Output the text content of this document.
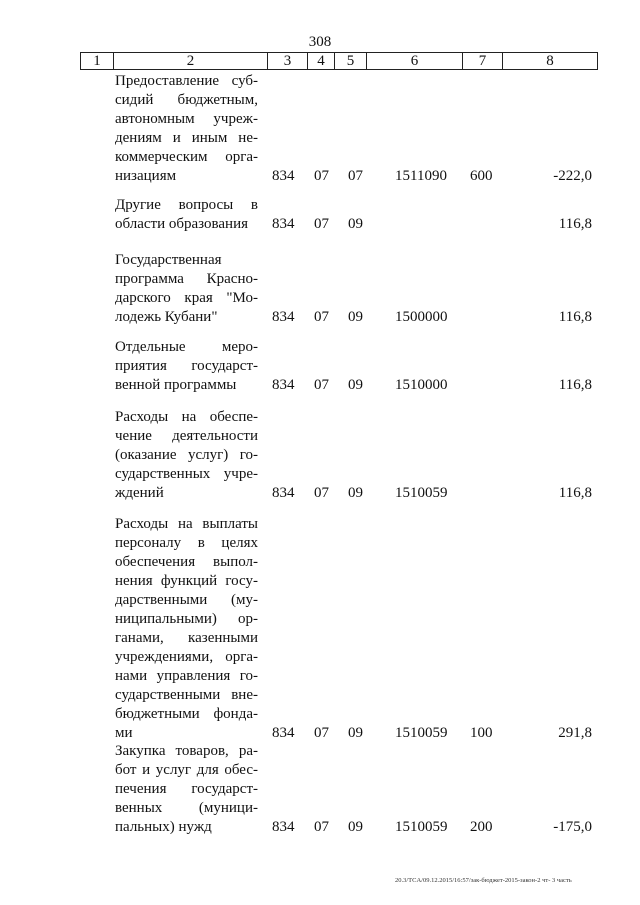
308
1	2	3	4	5	6	7	8
Предоставление суб-
сидий бюджетным,
автономным учреж-
дениям и иным не-
коммерческим орга-
низациям	834 07 07 1511090 600	-222,0
Другие вопросы в
области образования	834 07 09	116,8
Государственная
программа Красно-
дарского края "Мо-
лодежь Кубани"	834 07 09 1500000	116,8
Отдельные меро-
приятия государст-
венной программы	834 07 09 1510000	116,8
Расходы на обеспе-
чение деятельности
(оказание услуг) го-
сударственных учре-
ждений	834 07 09 1510059	116,8
Расходы на выплаты
персоналу в целях
обеспечения выпол-
нения функций госу-
дарственными (му-
ниципальными) ор-
ганами, казенными
учреждениями, орга-
нами управления го-
сударственными вне-
бюджетными фонда-
ми	834 07 09 1510059 100	291,8
Закупка товаров, ра-
бот и услуг для обес-
печения государст-
венных (муници-
пальных) нужд	834 07 09 1510059 200	-175,0
20.3/TCA/09.12.2015/16:57/зак-бюджет-2015-закон-2 чт- 3 часть
